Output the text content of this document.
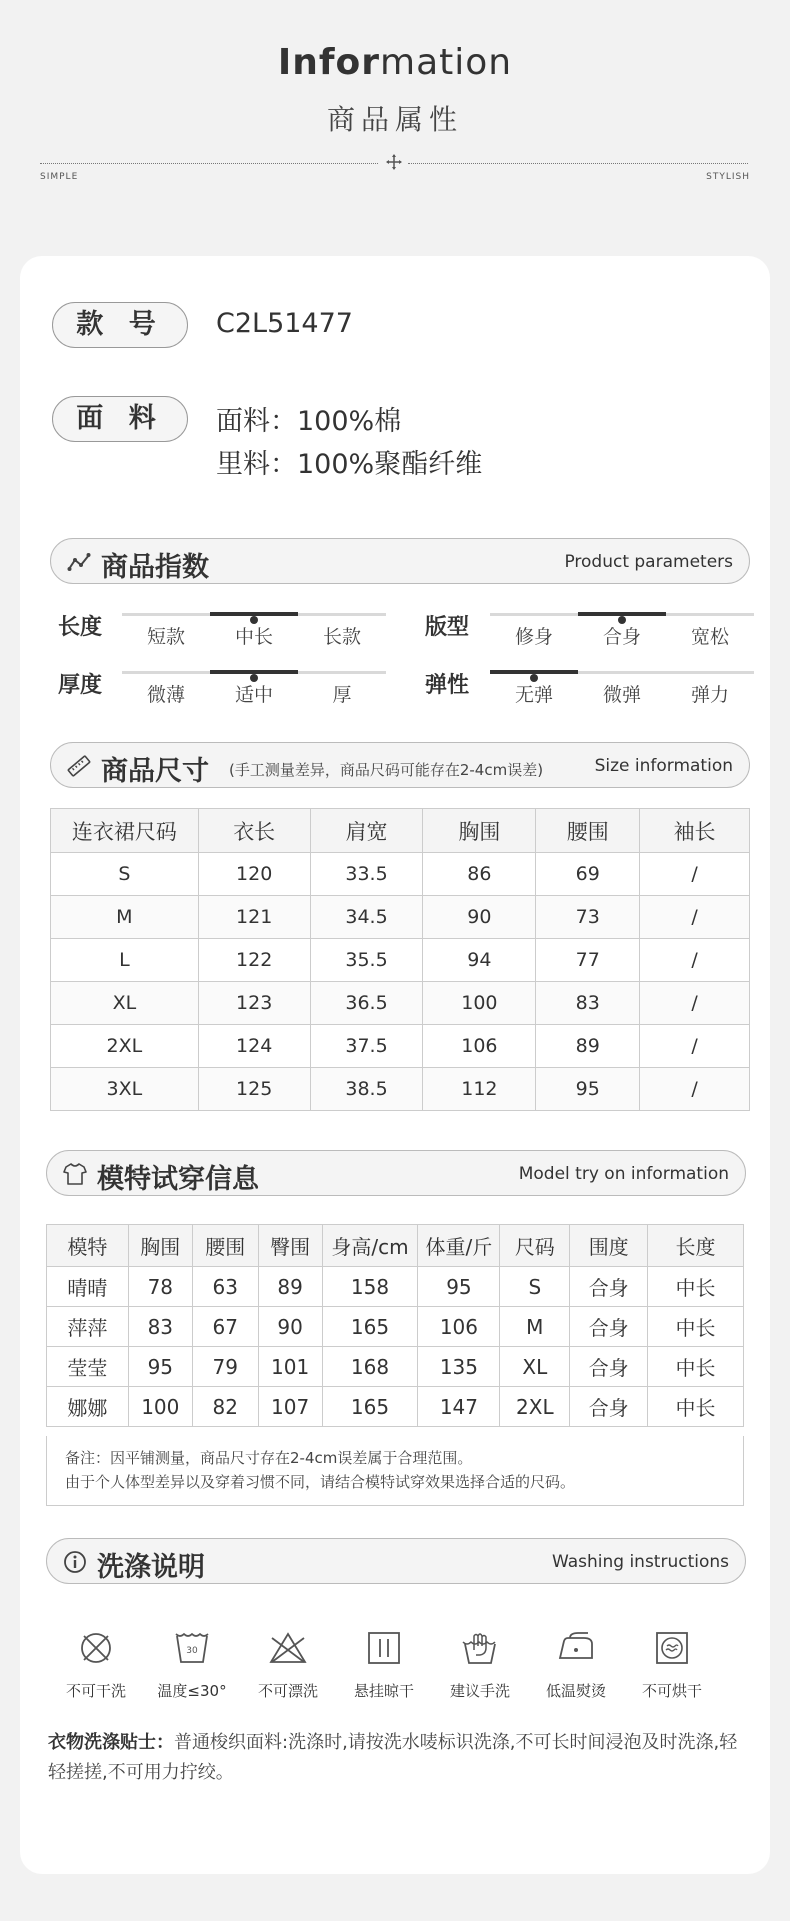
Information
商品属性
SIMPLE	STYLISH
款 号	C2L51477
面 料	面料：100%棉
里料：100%聚酯纤维
商品指数	Product parameters
长度	短款	中长	长款	版型	修身	合身	宽松
厚度	微薄	适中	厚	弹性	无弹	微弹	弹力
商品尺寸 (手工测量差异，商品尺码可能存在2-4cm误差)	Size information
连衣裙尺码	衣长	肩宽	胸围	腰围	袖长
S	120	33.5	86	69	/
M	121	34.5	90	73	/
L	122	35.5	94	77	/
XL	123	36.5	100	83	/
2XL	124	37.5	106	89	/
3XL	125	38.5	112	95	/
模特试穿信息	Model try on information
模特	胸围	腰围	臀围	身高/cm	体重/斤	尺码	围度	长度
晴晴	78	63	89	158	95	S	合身	中长
萍萍	83	67	90	165	106	M	合身	中长
莹莹	95	79	101	168	135	XL	合身	中长
娜娜	100	82	107	165	147	2XL	合身	中长
备注：因平铺测量，商品尺寸存在2-4cm误差属于合理范围。
由于个人体型差异以及穿着习惯不同，请结合模特试穿效果选择合适的尺码。
洗涤说明	Washing instructions
不可干洗
30
温度≤30°	不可漂洗	悬挂晾干	建议手洗	低温熨烫	不可烘干
衣物洗涤贴士：普通梭织面料:洗涤时,请按洗水唛标识洗涤,不可长时间浸泡及时洗涤,轻轻搓搓,不可用力拧绞。
